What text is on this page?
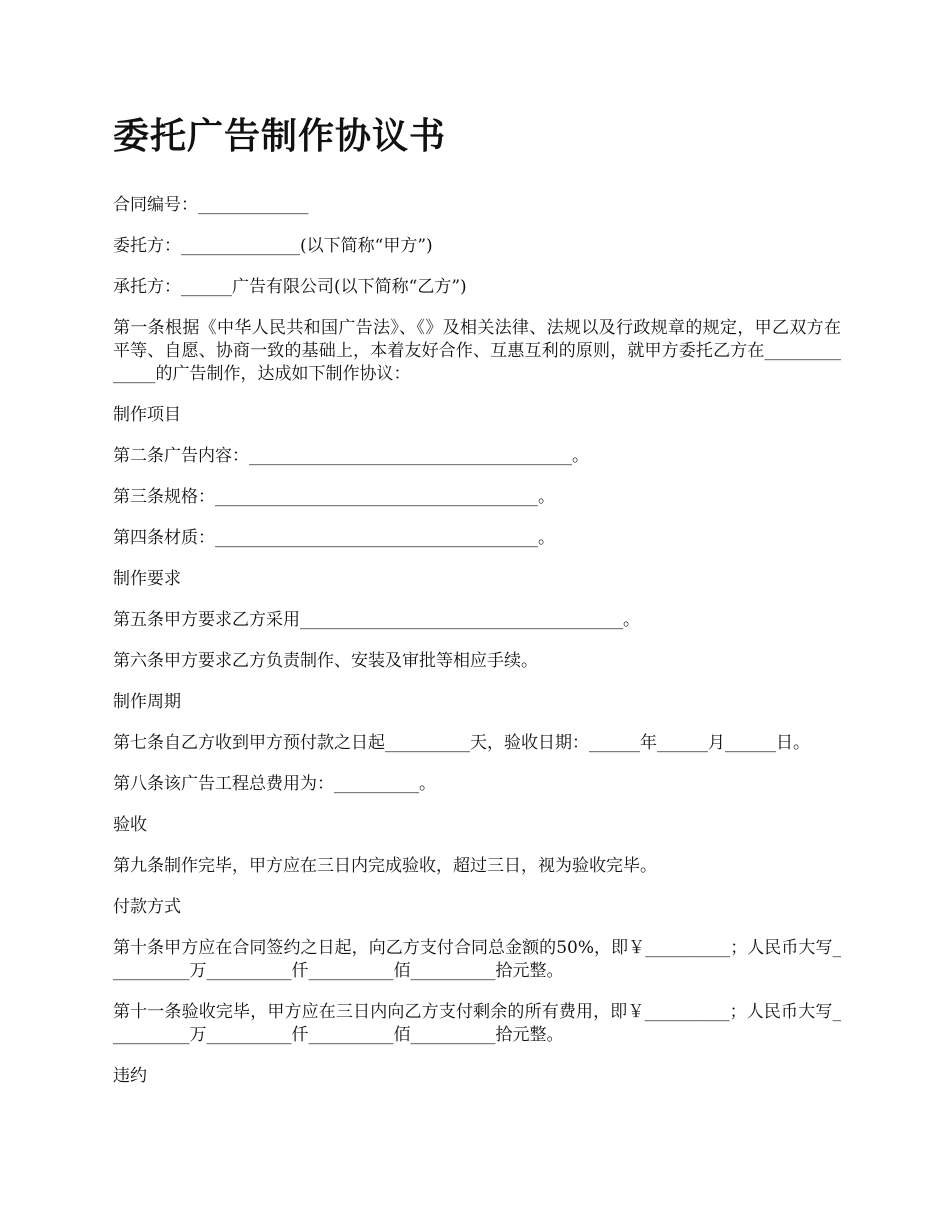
委托广告制作协议书

合同编号：_____________

委托方：______________(以下简称“甲方”)

承托方：______广告有限公司(以下简称“乙方”)

第一条根据《中华人民共和国广告法》、《》及相关法律、法规以及行政规章的规定，甲乙双方在平等、自愿、协商一致的基础上，本着友好合作、互惠互利的原则，就甲方委托乙方在______________的广告制作，达成如下制作协议：

制作项目

第二条广告内容：______________________________________。

第三条规格：______________________________________。

第四条材质：______________________________________。

制作要求

第五条甲方要求乙方采用______________________________________。

第六条甲方要求乙方负责制作、安装及审批等相应手续。

制作周期

第七条自乙方收到甲方预付款之日起__________天，验收日期：______年______月______日。

第八条该广告工程总费用为：__________。

验收

第九条制作完毕，甲方应在三日内完成验收，超过三日，视为验收完毕。

付款方式

第十条甲方应在合同签约之日起，向乙方支付合同总金额的50%，即￥__________；人民币大写__________万__________仟__________佰__________拾元整。

第十一条验收完毕，甲方应在三日内向乙方支付剩余的所有费用，即￥__________；人民币大写__________万__________仟__________佰__________拾元整。

违约
